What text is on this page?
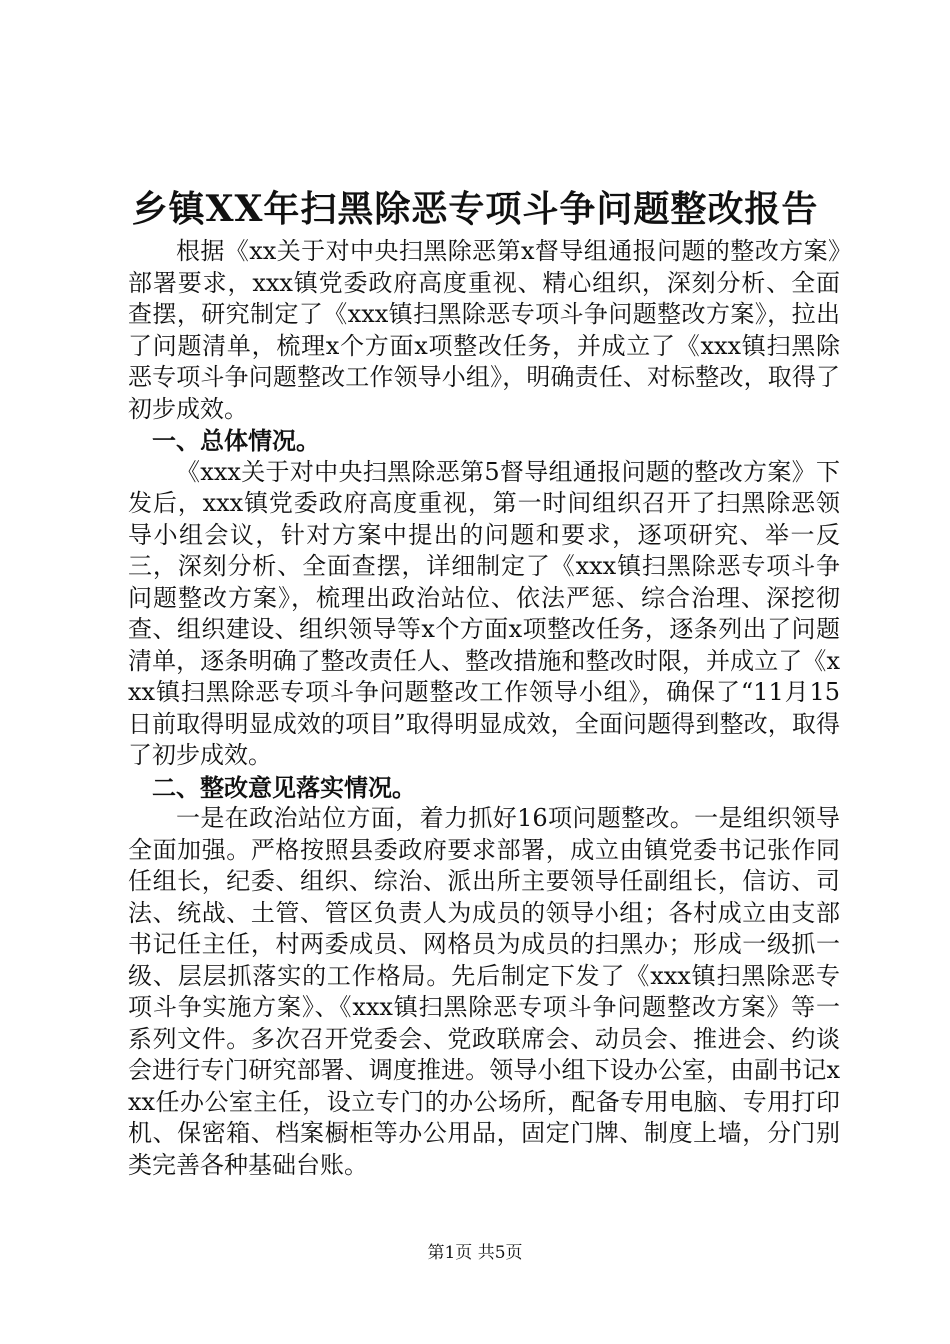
乡镇XX年扫黑除恶专项斗争问题整改报告

根据《xx关于对中央扫黑除恶第x督导组通报问题的整改方案》部署要求，xxx镇党委政府高度重视、精心组织，深刻分析、全面查摆，研究制定了《xxx镇扫黑除恶专项斗争问题整改方案》，拉出了问题清单，梳理x个方面x项整改任务，并成立了《xxx镇扫黑除恶专项斗争问题整改工作领导小组》，明确责任、对标整改，取得了初步成效。

一、总体情况。

《xxx关于对中央扫黑除恶第5督导组通报问题的整改方案》下发后，xxx镇党委政府高度重视，第一时间组织召开了扫黑除恶领导小组会议，针对方案中提出的问题和要求，逐项研究、举一反三，深刻分析、全面查摆，详细制定了《xxx镇扫黑除恶专项斗争问题整改方案》，梳理出政治站位、依法严惩、综合治理、深挖彻查、组织建设、组织领导等x个方面x项整改任务，逐条列出了问题清单，逐条明确了整改责任人、整改措施和整改时限，并成立了《xxx镇扫黑除恶专项斗争问题整改工作领导小组》，确保了“11月15日前取得明显成效的项目”取得明显成效，全面问题得到整改，取得了初步成效。

二、整改意见落实情况。

一是在政治站位方面，着力抓好16项问题整改。一是组织领导全面加强。严格按照县委政府要求部署，成立由镇党委书记张作同任组长，纪委、组织、综治、派出所主要领导任副组长，信访、司法、统战、土管、管区负责人为成员的领导小组；各村成立由支部书记任主任，村两委成员、网格员为成员的扫黑办；形成一级抓一级、层层抓落实的工作格局。先后制定下发了《xxx镇扫黑除恶专项斗争实施方案》、《xxx镇扫黑除恶专项斗争问题整改方案》等一系列文件。多次召开党委会、党政联席会、动员会、推进会、约谈会进行专门研究部署、调度推进。领导小组下设办公室，由副书记xxx任办公室主任，设立专门的办公场所，配备专用电脑、专用打印机、保密箱、档案橱柜等办公用品，固定门牌、制度上墙，分门别类完善各种基础台账。

第1页 共5页
